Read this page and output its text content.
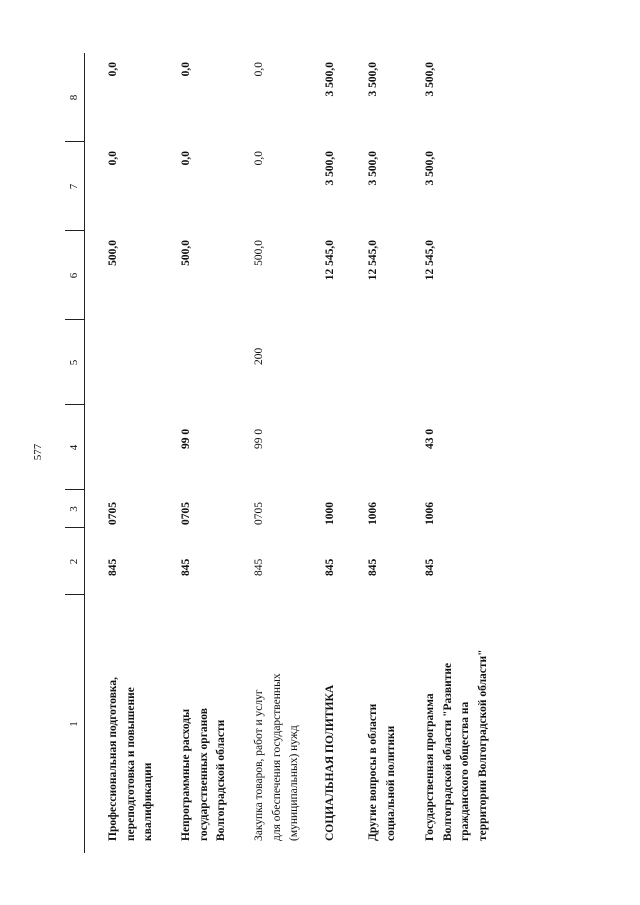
577
1
2
3
4
5
6
7
8
Профессиональная подготовка, переподготовка и повышение квалификации
845
0705
500,0
0,0
0,0
Непрограммные расходы государственных органов Волгоградской области
845
0705
99 0
500,0
0,0
0,0
Закупка товаров, работ и услуг для обеспечения государственных (муниципальных) нужд
845
0705
99 0
200
500,0
0,0
0,0
СОЦИАЛЬНАЯ ПОЛИТИКА
845
1000
12 545,0
3 500,0
3 500,0
Другие вопросы в области социальной политики
845
1006
12 545,0
3 500,0
3 500,0
Государственная программа Волгоградской области "Развитие гражданского общества на территории Волгоградской области"
845
1006
43 0
12 545,0
3 500,0
3 500,0
